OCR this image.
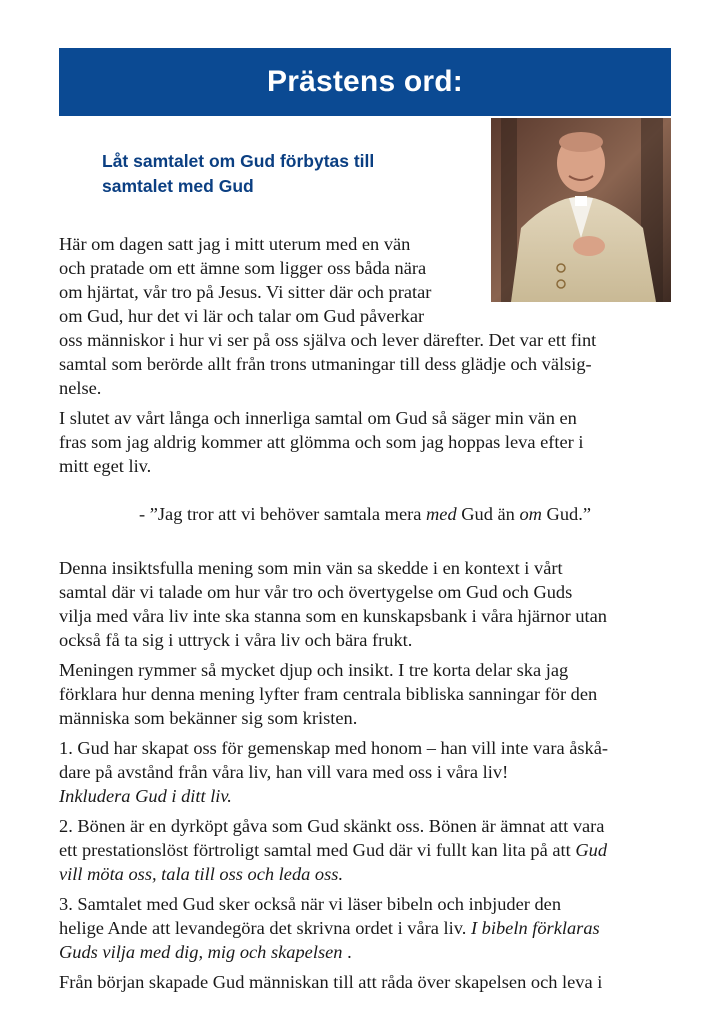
Prästens ord:
Låt samtalet om Gud förbytas till
samtalet med Gud

Här om dagen satt jag i mitt uterum med en vän
och pratade om ett ämne som ligger oss båda nära
om hjärtat, vår tro på Jesus. Vi sitter där och pratar
om Gud, hur det vi lär och talar om Gud påverkar
oss människor i hur vi ser på oss själva och lever därefter. Det var ett fint
samtal som berörde allt från trons utmaningar till dess glädje och välsig-
nelse.

I slutet av vårt långa och innerliga samtal om Gud så säger min vän en
fras som jag aldrig kommer att glömma och som jag hoppas leva efter i
mitt eget liv.

- ”Jag tror att vi behöver samtala mera med Gud än om Gud.”

Denna insiktsfulla mening som min vän sa skedde i en kontext i vårt
samtal där vi talade om hur vår tro och övertygelse om Gud och Guds
vilja med våra liv inte ska stanna som en kunskapsbank i våra hjärnor utan
också få ta sig i uttryck i våra liv och bära frukt.

Meningen rymmer så mycket djup och insikt. I tre korta delar ska jag
förklara hur denna mening lyfter fram centrala bibliska sanningar för den
människa som bekänner sig som kristen.

1. Gud har skapat oss för gemenskap med honom – han vill inte vara åskå-
dare på avstånd från våra liv, han vill vara med oss i våra liv!
Inkludera Gud i ditt liv.

2. Bönen är en dyrköpt gåva som Gud skänkt oss. Bönen är ämnat att vara
ett prestationslöst förtroligt samtal med Gud där vi fullt kan lita på att Gud
vill möta oss, tala till oss och leda oss.

3. Samtalet med Gud sker också när vi läser bibeln och inbjuder den
helige Ande att levandegöra det skrivna ordet i våra liv. I bibeln förklaras
Guds vilja med dig, mig och skapelsen .

Från början skapade Gud människan till att råda över skapelsen och leva i
